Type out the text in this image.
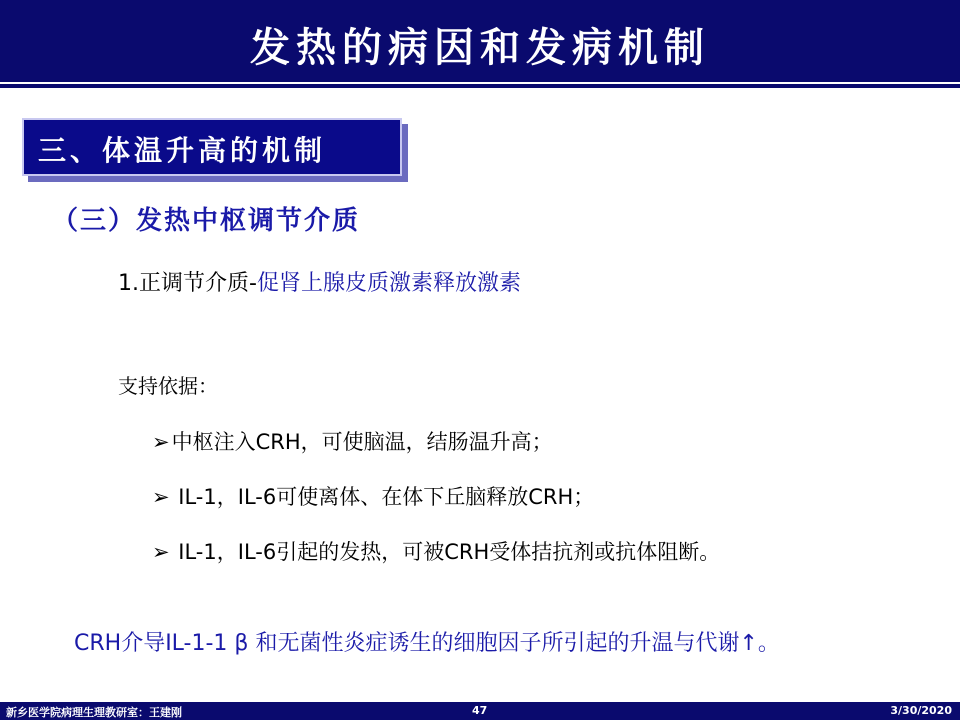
发热的病因和发病机制
三、体温升高的机制
（三）发热中枢调节介质
1.正调节介质-促肾上腺皮质激素释放激素
支持依据：
➢中枢注入CRH，可使脑温，结肠温升高；
➢ IL-1，IL-6可使离体、在体下丘脑释放CRH；
➢ IL-1，IL-6引起的发热，可被CRH受体拮抗剂或抗体阻断。
CRH介导IL-1-1 β 和无菌性炎症诱生的细胞因子所引起的升温与代谢↑。
新乡医学院病理生理教研室：王建刚	47	3/30/2020
